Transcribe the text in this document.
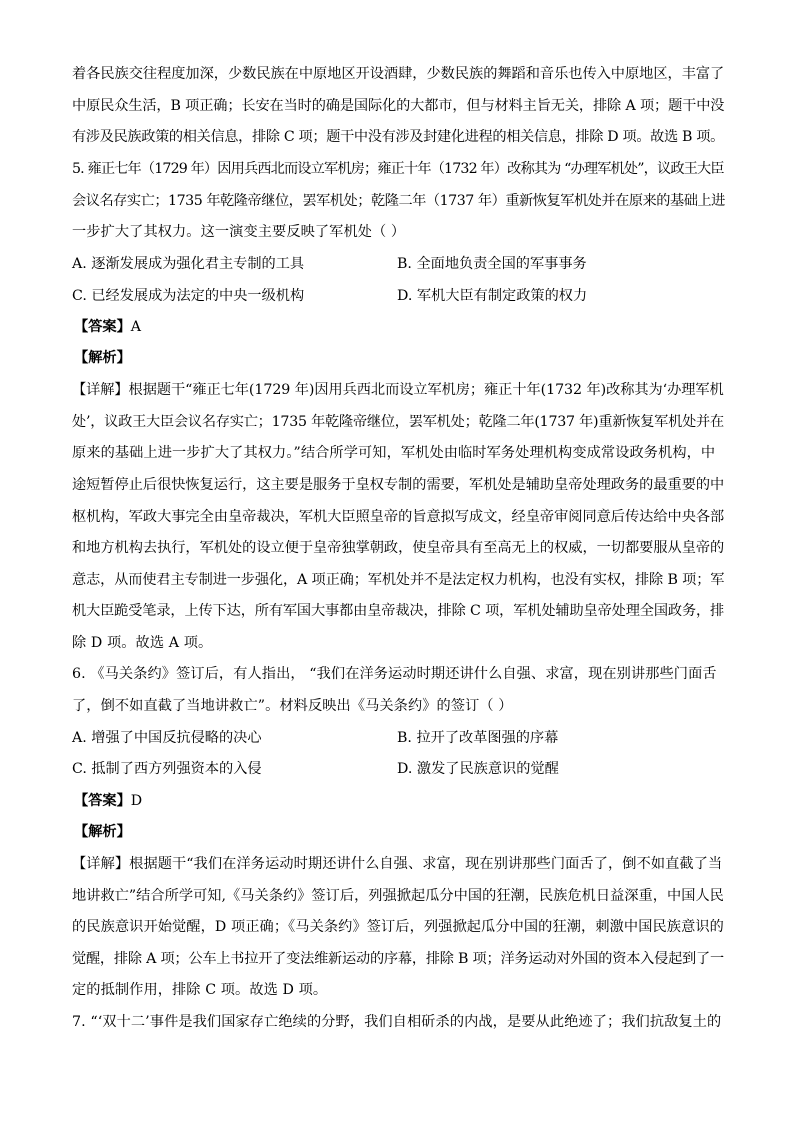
着各民族交往程度加深，少数民族在中原地区开设酒肆，少数民族的舞蹈和音乐也传入中原地区，丰富了
中原民众生活，B 项正确；长安在当时的确是国际化的大都市，但与材料主旨无关，排除 A 项；题干中没
有涉及民族政策的相关信息，排除 C 项；题干中没有涉及封建化进程的相关信息，排除 D 项。故选 B 项。
5. 雍正七年（1729 年）因用兵西北而设立军机房；雍正十年（1732 年）改称其为 “办理军机处”，议政王大臣
会议名存实亡；1735 年乾隆帝继位，罢军机处；乾隆二年（1737 年）重新恢复军机处并在原来的基础上进
一步扩大了其权力。这一演变主要反映了军机处（ ）
A. 逐渐发展成为强化君主专制的工具	B. 全面地负责全国的军事事务
C. 已经发展成为法定的中央一级机构	D. 军机大臣有制定政策的权力
【答案】A
【解析】
【详解】根据题干“雍正七年(1729 年)因用兵西北而设立军机房；雍正十年(1732 年)改称其为‘办理军机
处’，议政王大臣会议名存实亡；1735 年乾隆帝继位，罢军机处；乾隆二年(1737 年)重新恢复军机处并在
原来的基础上进一步扩大了其权力。”结合所学可知，军机处由临时军务处理机构变成常设政务机构，中
途短暂停止后很快恢复运行，这主要是服务于皇权专制的需要，军机处是辅助皇帝处理政务的最重要的中
枢机构，军政大事完全由皇帝裁决，军机大臣照皇帝的旨意拟写成文，经皇帝审阅同意后传达给中央各部
和地方机构去执行，军机处的设立便于皇帝独掌朝政，使皇帝具有至高无上的权威，一切都要服从皇帝的
意志，从而使君主专制进一步强化，A 项正确；军机处并不是法定权力机构，也没有实权，排除 B 项；军
机大臣跪受笔录，上传下达，所有军国大事都由皇帝裁决，排除 C 项，军机处辅助皇帝处理全国政务，排
除 D 项。故选 A 项。
6. 《马关条约》签订后，有人指出， “我们在洋务运动时期还讲什么自强、求富，现在别讲那些门面舌
了，倒不如直截了当地讲救亡”。材料反映出《马关条约》的签订（ ）
A. 增强了中国反抗侵略的决心	B. 拉开了改革图强的序幕
C. 抵制了西方列强资本的入侵	D. 激发了民族意识的觉醒
【答案】D
【解析】
【详解】根据题干“我们在洋务运动时期还讲什么自强、求富，现在别讲那些门面舌了，倒不如直截了当
地讲救亡”结合所学可知,《马关条约》签订后，列强掀起瓜分中国的狂潮，民族危机日益深重，中国人民
的民族意识开始觉醒，D 项正确；《马关条约》签订后，列强掀起瓜分中国的狂潮，刺激中国民族意识的
觉醒，排除 A 项；公车上书拉开了变法维新运动的序幕，排除 B 项；洋务运动对外国的资本入侵起到了一
定的抵制作用，排除 C 项。故选 D 项。
7. “‘双十二’事件是我们国家存亡绝续的分野，我们自相斫杀的内战，是要从此绝迹了；我们抗敌复土的
